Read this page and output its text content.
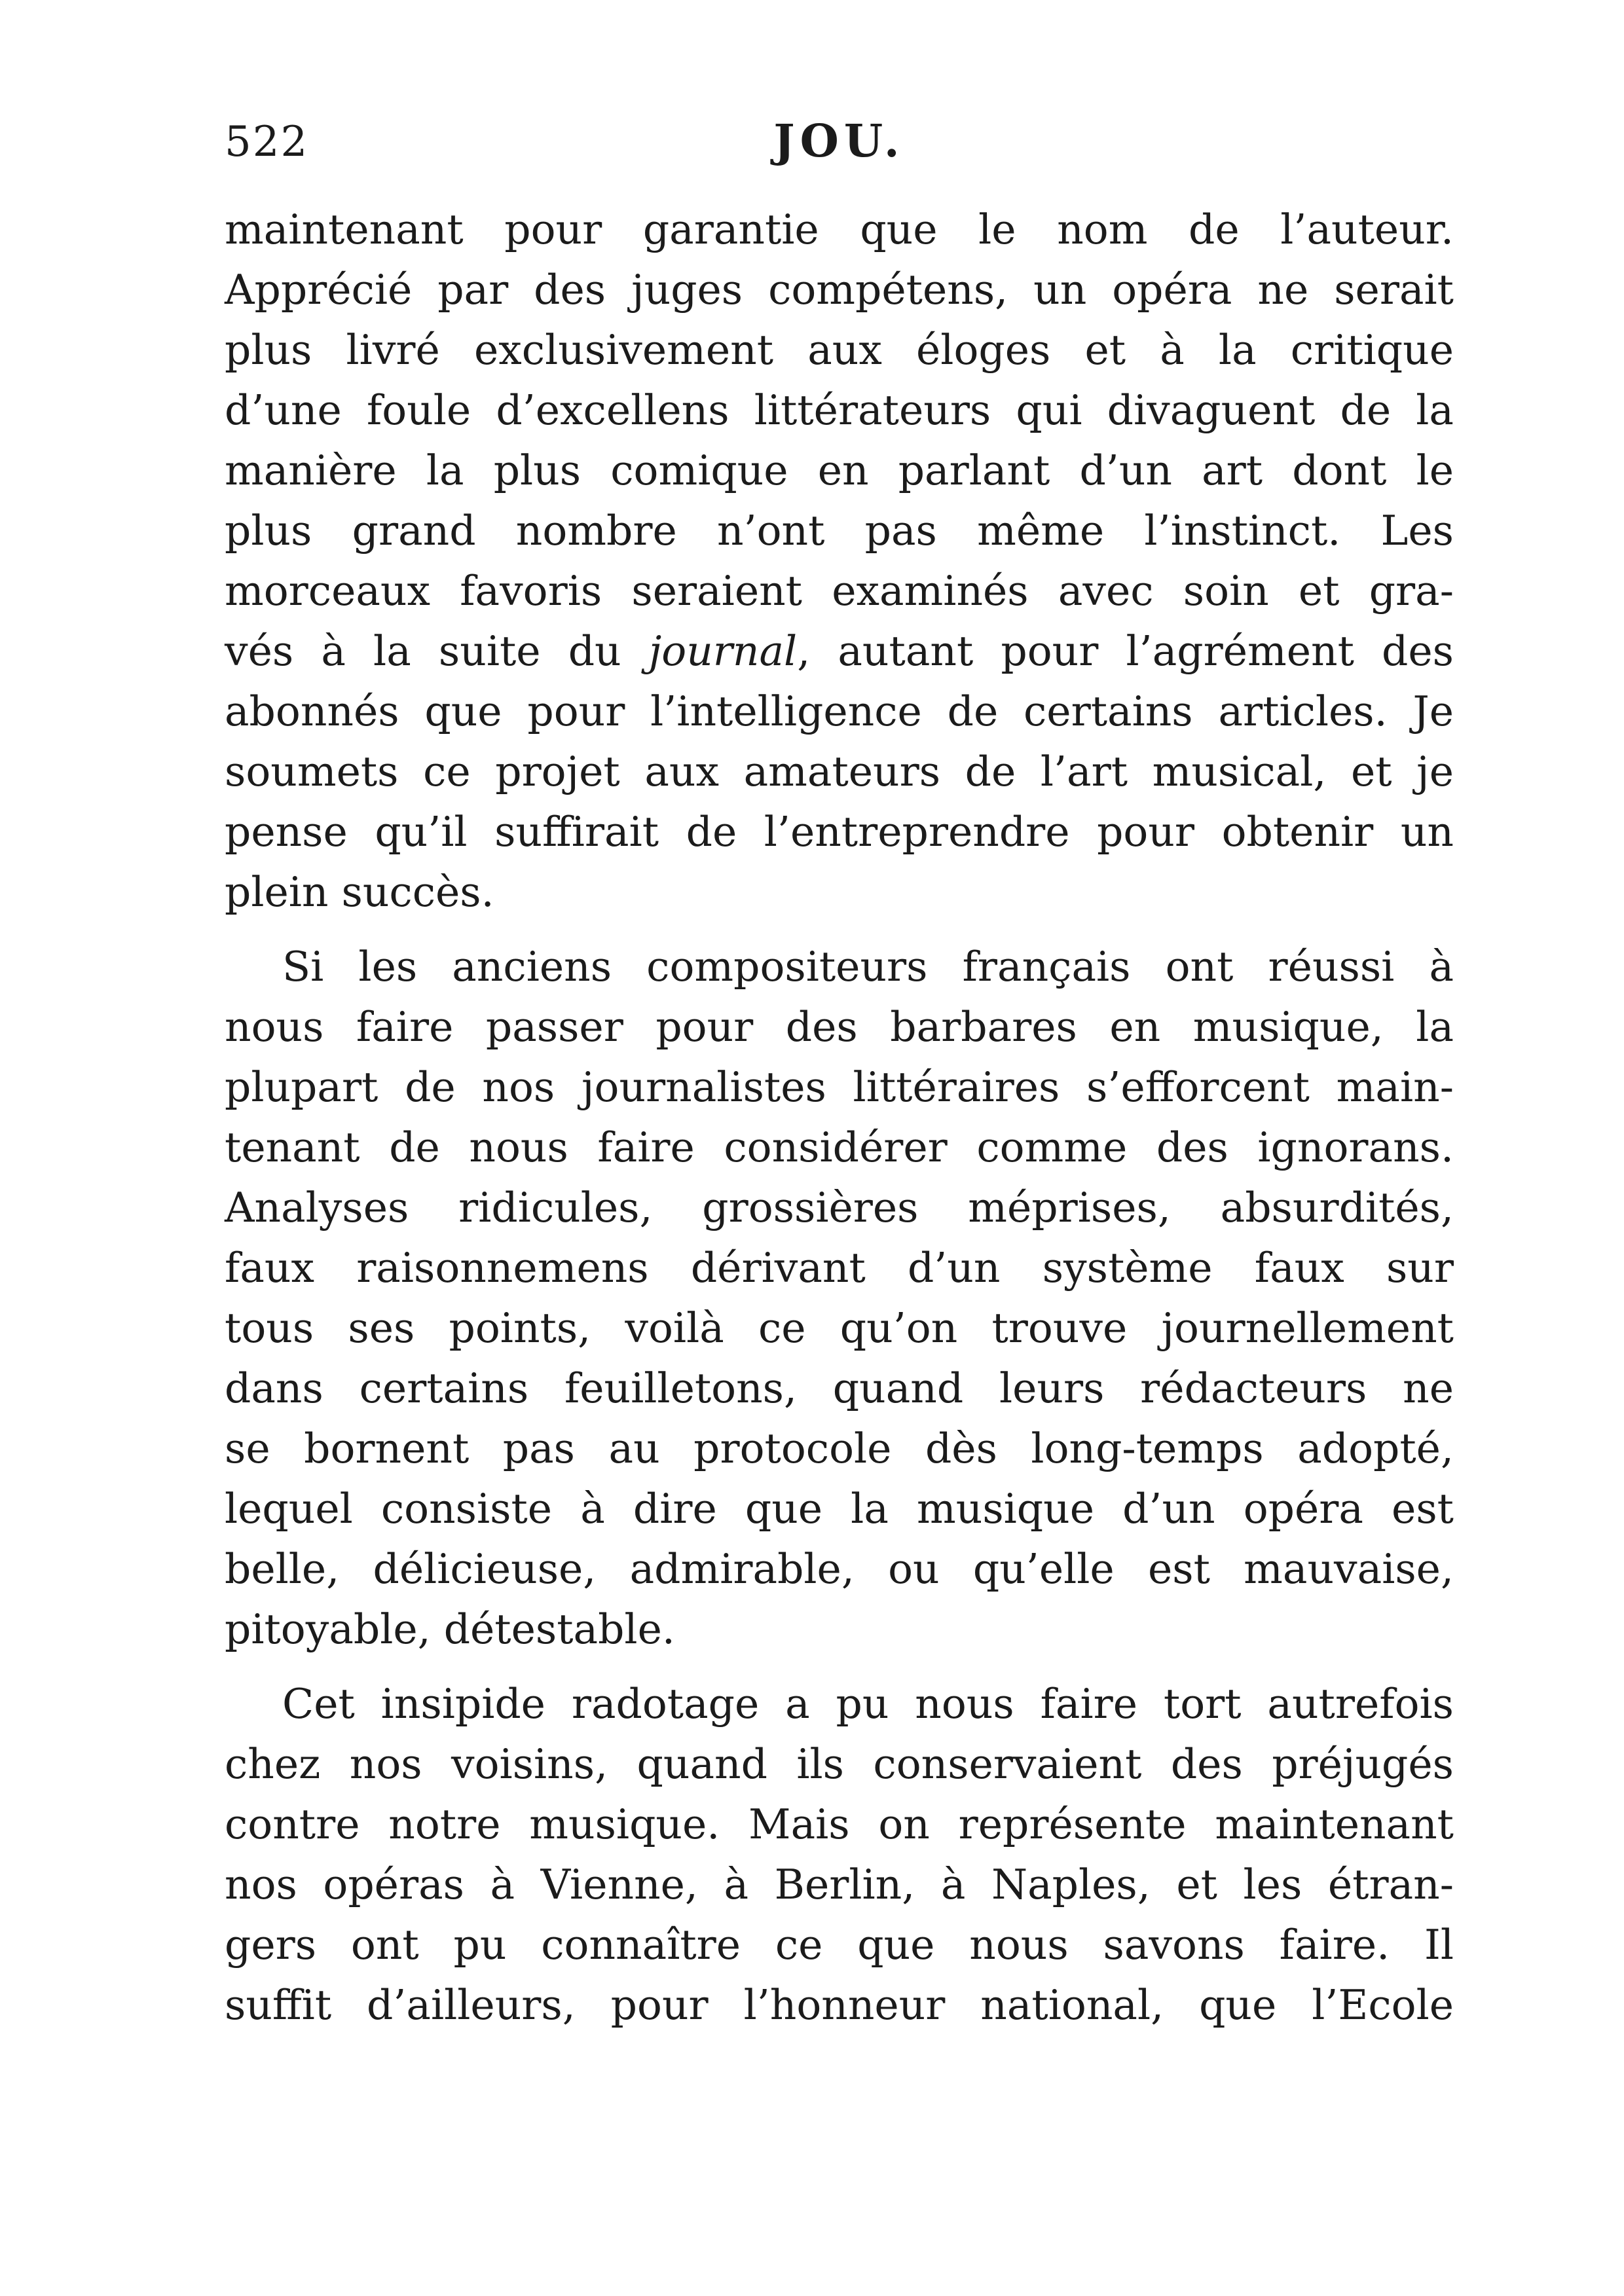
522	JOU.
maintenant pour garantie que le nom de l’auteur.
Apprécié par des juges compétens, un opéra ne serait
plus livré exclusivement aux éloges et à la critique
d’une foule d’excellens littérateurs qui divaguent de la
manière la plus comique en parlant d’un art dont le
plus grand nombre n’ont pas même l’instinct. Les
morceaux favoris seraient examinés avec soin et gra-
vés à la suite du journal, autant pour l’agrément des
abonnés que pour l’intelligence de certains articles. Je
soumets ce projet aux amateurs de l’art musical, et je
pense qu’il suffirait de l’entreprendre pour obtenir un
plein succès.
Si les anciens compositeurs français ont réussi à
nous faire passer pour des barbares en musique, la
plupart de nos journalistes littéraires s’efforcent main-
tenant de nous faire considérer comme des ignorans.
Analyses ridicules, grossières méprises, absurdités,
faux raisonnemens dérivant d’un système faux sur
tous ses points, voilà ce qu’on trouve journellement
dans certains feuilletons, quand leurs rédacteurs ne
se bornent pas au protocole dès long-temps adopté,
lequel consiste à dire que la musique d’un opéra est
belle, délicieuse, admirable, ou qu’elle est mauvaise,
pitoyable, détestable.
Cet insipide radotage a pu nous faire tort autrefois
chez nos voisins, quand ils conservaient des préjugés
contre notre musique. Mais on représente maintenant
nos opéras à Vienne, à Berlin, à Naples, et les étran-
gers ont pu connaître ce que nous savons faire. Il
suffit d’ailleurs, pour l’honneur national, que l’Ecole
